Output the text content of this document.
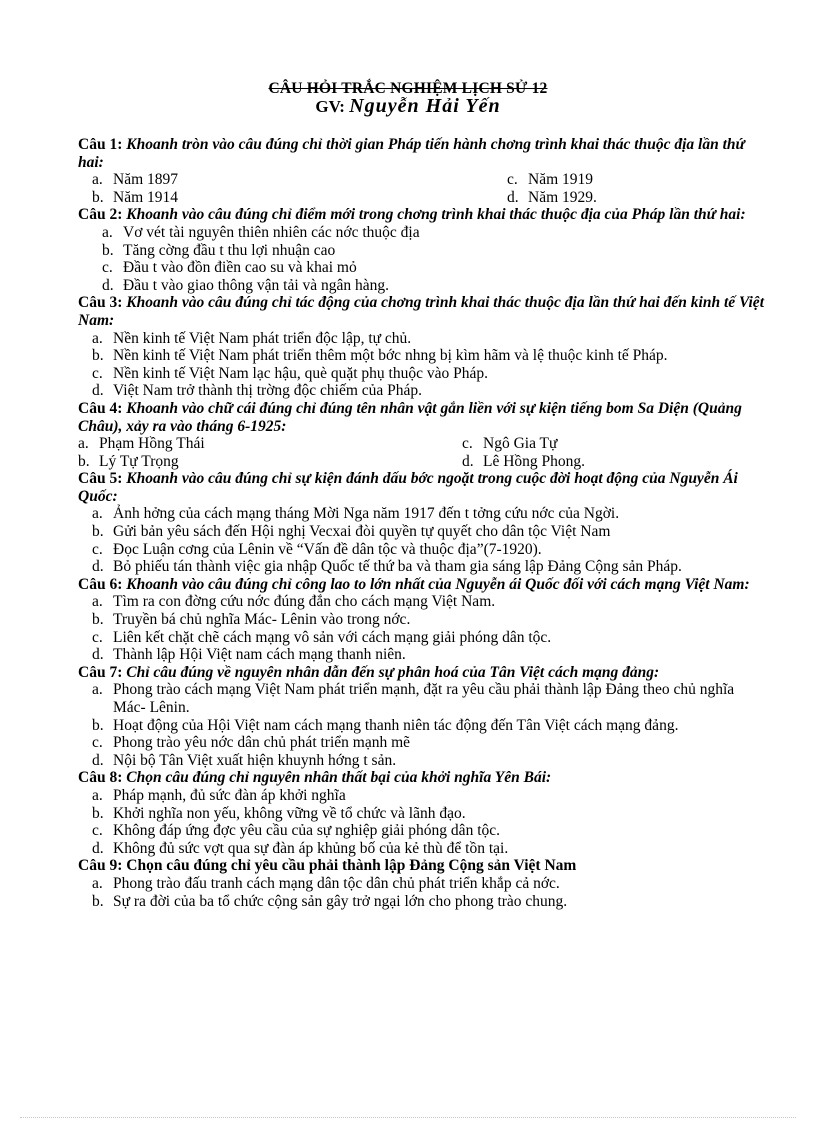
CÂU HỎI TRẮC NGHIỆM LỊCH SỬ 12
GV: Nguyễn Hải Yến
Câu 1: Khoanh tròn vào câu đúng chỉ thời gian Pháp tiến hành chơng trình khai thác thuộc địa lần thứ hai:
a. Năm 1897	c. Năm 1919
b. Năm 1914	d. Năm 1929.
Câu 2: Khoanh vào câu đúng chỉ điểm mới trong chơng trình khai thác thuộc địa của Pháp lần thứ hai:
a. Vơ vét tài nguyên thiên nhiên các nớc thuộc địa
b. Tăng cờng đầu t thu lợi nhuận cao
c. Đầu t vào đồn điền cao su và khai mỏ
d. Đầu t vào giao thông vận tải và ngân hàng.
Câu 3: Khoanh vào câu đúng chỉ tác động của chơng trình khai thác thuộc địa lần thứ hai đến kinh tế Việt Nam:
a. Nền kinh tế Việt Nam phát triển độc lập, tự chủ.
b. Nền kinh tế Việt Nam phát triển thêm một bớc nhng bị kìm hãm và lệ thuộc kinh tế Pháp.
c. Nền kinh tế Việt Nam lạc hậu, què quặt phụ thuộc vào Pháp.
d. Việt Nam trở thành thị trờng độc chiếm của Pháp.
Câu 4: Khoanh vào chữ cái đúng chỉ đúng tên nhân vật gắn liền với sự kiện tiếng bom Sa Diện (Quảng Châu), xảy ra vào tháng 6-1925:
a. Phạm Hồng Thái	c. Ngô Gia Tự
b. Lý Tự Trọng	d. Lê Hồng Phong.
Câu 5: Khoanh vào câu đúng chỉ sự kiện đánh dấu bớc ngoặt trong cuộc đời hoạt động của Nguyễn Ái Quốc:
a. Ảnh hởng của cách mạng tháng Mời Nga năm 1917 đến t tởng cứu nớc của Ngời.
b. Gửi bản yêu sách đến Hội nghị Vecxai đòi quyền tự quyết cho dân tộc Việt Nam
c. Đọc Luận cơng của Lênin về “Vấn đề dân tộc và thuộc địa”(7-1920).
d. Bỏ phiếu tán thành việc gia nhập Quốc tế thứ ba và tham gia sáng lập Đảng Cộng sản Pháp.
Câu 6: Khoanh vào câu đúng chỉ công lao to lớn nhất của Nguyễn ái Quốc đối với cách mạng Việt Nam:
a. Tìm ra con đờng cứu nớc đúng đắn cho cách mạng Việt Nam.
b. Truyền bá chủ nghĩa Mác- Lênin vào trong nớc.
c. Liên kết chặt chẽ cách mạng vô sản với cách mạng giải phóng dân tộc.
d. Thành lập Hội Việt nam cách mạng thanh niên.
Câu 7: Chỉ câu đúng về nguyên nhân dẫn đến sự phân hoá của Tân Việt cách mạng đảng:
a. Phong trào cách mạng Việt Nam phát triển mạnh, đặt ra yêu cầu phải thành lập Đảng theo chủ nghĩa Mác- Lênin.
b. Hoạt động của Hội Việt nam cách mạng thanh niên tác động đến Tân Việt cách mạng đảng.
c. Phong trào yêu nớc dân chủ phát triển mạnh mẽ
d. Nội bộ Tân Việt xuất hiện khuynh hớng t sản.
Câu 8: Chọn câu đúng chỉ nguyên nhân thất bại của khởi nghĩa Yên Bái:
a. Pháp mạnh, đủ sức đàn áp khởi nghĩa
b. Khởi nghĩa non yếu, không vững về tổ chức và lãnh đạo.
c. Không đáp ứng đợc yêu cầu của sự nghiệp giải phóng dân tộc.
d. Không đủ sức vợt qua sự đàn áp khủng bố của kẻ thù để tồn tại.
Câu 9: Chọn câu đúng chỉ yêu cầu phải thành lập Đảng Cộng sản Việt Nam
a. Phong trào đấu tranh cách mạng dân tộc dân chủ phát triển khắp cả nớc.
b. Sự ra đời của ba tổ chức cộng sản gây trở ngại lớn cho phong trào chung.
